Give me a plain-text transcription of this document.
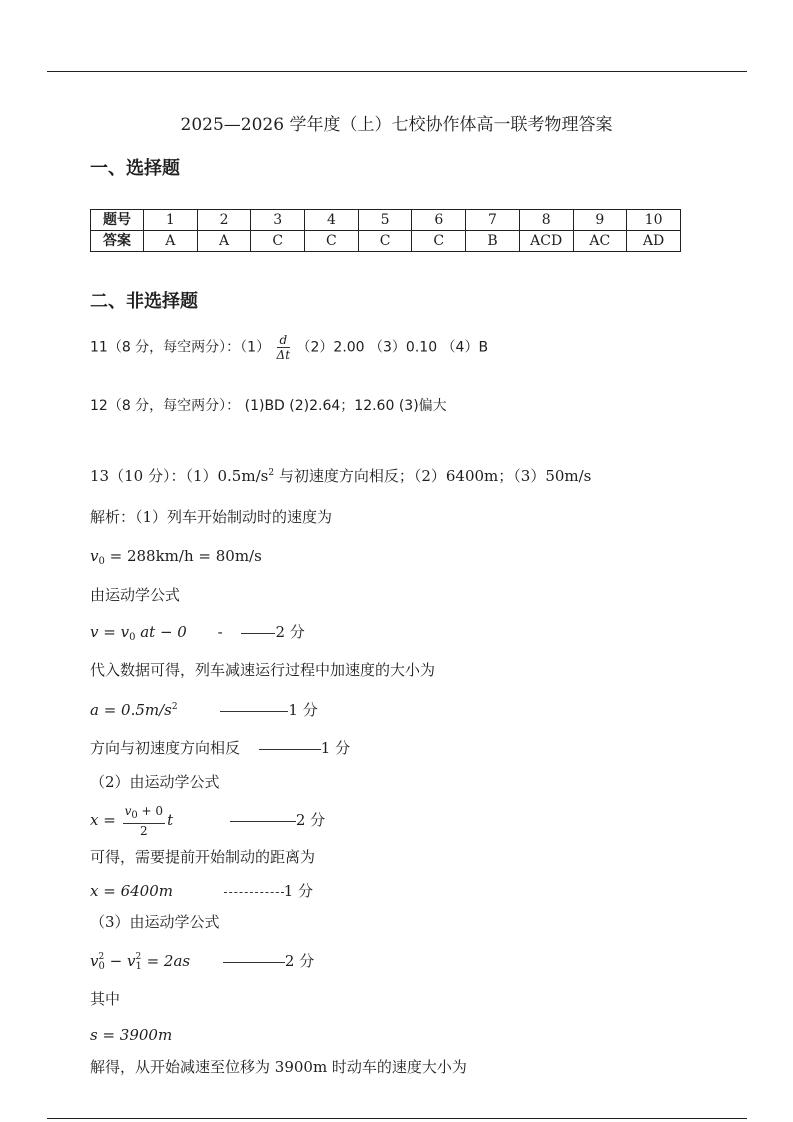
2025—2026 学年度（上）七校协作体高一联考物理答案
一、选择题
题号	1	2	3	4	5	6	7	8	9	10
答案	A	A	C	C	C	C	B	ACD	AC	AD
二、非选择题
11（8 分，每空两分）：$(1) \frac{d}{\Delta t} (2)2.00$ （3）0.10 （4）B
12（8 分，每空两分）： (1)BD (2)2.64；12.60 (3)偏大
13（10 分）：$(1)0.5m/s^2$ 与初速度方向相反；（2）6400m；（3）50m/s
解析：（1）列车开始制动时的速度为
$v_0 = 288km/h = 80m/s$
由运动学公式
$v = v_0$ at − 0 -	2 分
代入数据可得，列车减速运行过程中加速度的大小为
$a = 0.5m/s^2$	1 分
方向与初速度方向相反	1 分
（2）由运动学公式
$x = \frac{v_0 + 0}{2}$ t	2 分
可得，需要提前开始制动的距离为
x = 6400m	1 分
（3）由运动学公式
v 2
0 − v 2
1 = 2as	2 分
其中
s = 3900m
解得，从开始减速至位移为 3900m 时动车的速度大小为
